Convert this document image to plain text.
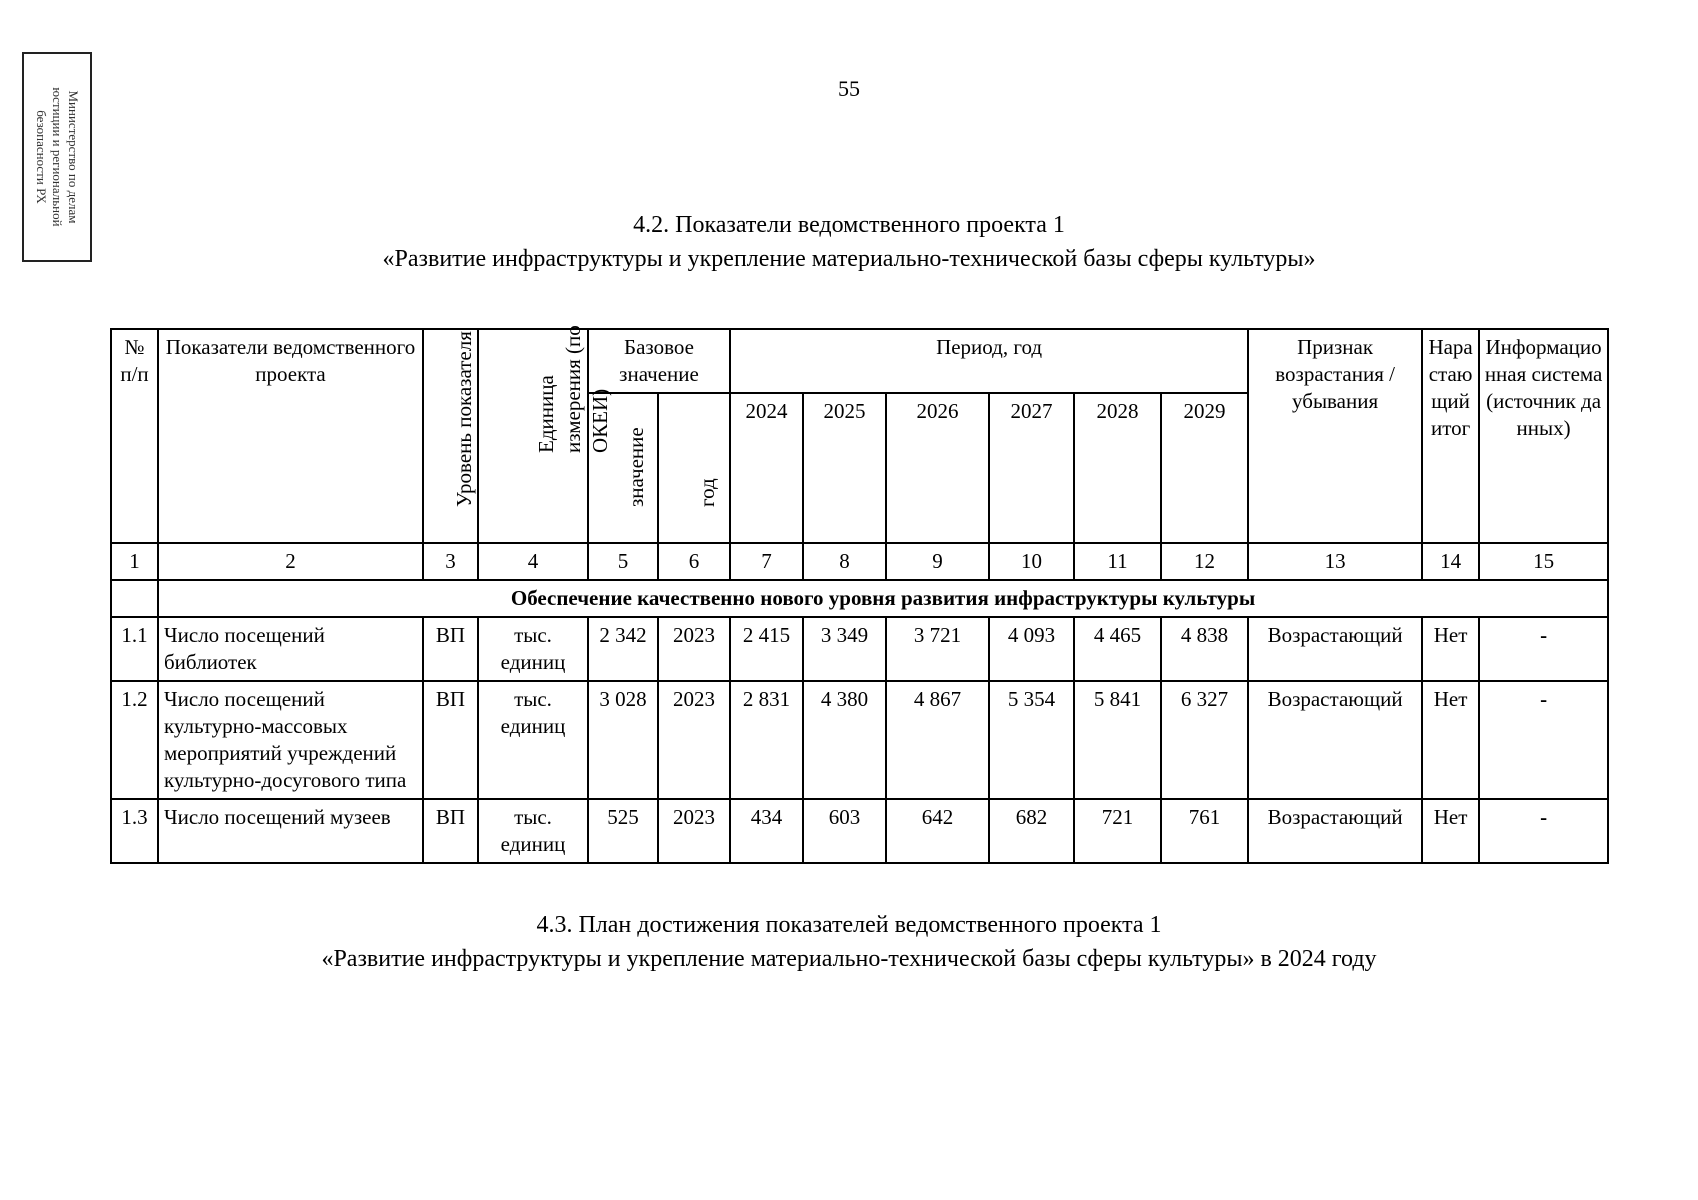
Министерство по делам
юстиции и региональной
безопасности РХ
55
4.2. Показатели ведомственного проекта 1
«Развитие инфраструктуры и укрепление материально-технической базы сферы культуры»
№ п/п	Показатели ведомственного проекта	Уровень показателя	Единица измерения (по ОКЕИ)	Базовое значение		Период, год						Признак возрастания /убывания	Нарастающий итог	Информационная система (источник данных)

				значение	год	2024	2025	2026	2027	2028	2029			
1	2	3	4	5	6	7	8	9	10	11	12	13	14	15
	Обеспечение качественно нового уровня развития инфраструктуры культуры													
1.1	Число посещений библиотек	ВП	тыс. единиц	2 342	2023	2 415	3 349	3 721	4 093	4 465	4 838	Возрастающий	Нет	-
1.2	Число посещений культурно-массовых мероприятий учреждений культурно-досугового типа	ВП	тыс. единиц	3 028	2023	2 831	4 380	4 867	5 354	5 841	6 327	Возрастающий	Нет	-
1.3	Число посещений музеев	ВП	тыс. единиц	525	2023	434	603	642	682	721	761	Возрастающий	Нет	-
4.3. План достижения показателей ведомственного проекта 1
«Развитие инфраструктуры и укрепление материально-технической базы сферы культуры» в 2024 году
